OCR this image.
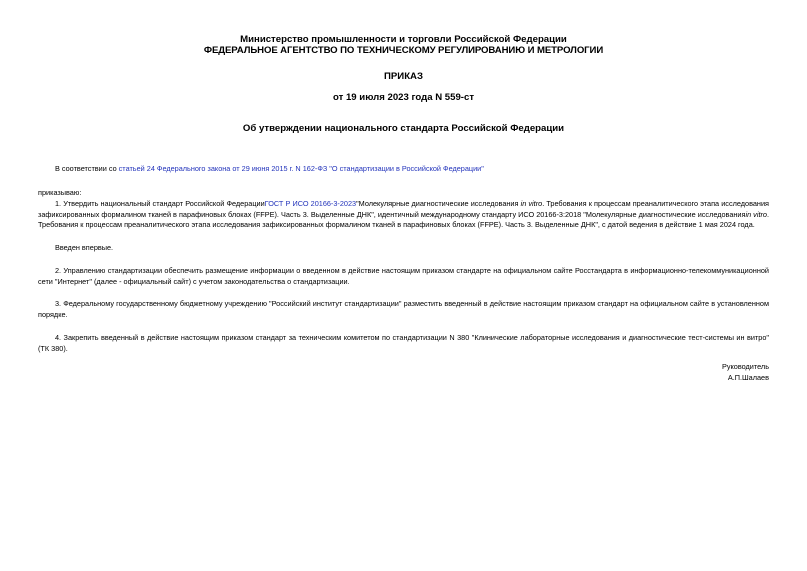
Министерство промышленности и торговли Российской Федерации
ФЕДЕРАЛЬНОЕ АГЕНТСТВО ПО ТЕХНИЧЕСКОМУ РЕГУЛИРОВАНИЮ И МЕТРОЛОГИИ
ПРИКАЗ
от 19 июля 2023 года N 559-ст
Об утверждении национального стандарта Российской Федерации

В соответствии со статьей 24 Федерального закона от 29 июня 2015 г. N 162-ФЗ "О стандартизации в Российской Федерации"

приказываю:

1. Утвердить национальный стандарт Российской ФедерацииГОСТ Р ИСО 20166-3-2023"Молекулярные диагностические исследования in vitro. Требования к процессам преаналитического этапа исследования зафиксированных формалином тканей в парафиновых блоках (FFPE). Часть 3. Выделенные ДНК", идентичный международному стандарту ИСО 20166-3:2018 "Молекулярные диагностические исследованияin vitro. Требования к процессам преаналитического этапа исследования зафиксированных формалином тканей в парафиновых блоках (FFPE). Часть 3. Выделенные ДНК", с датой ведения в действие 1 мая 2024 года.

Введен впервые.

2. Управлению стандартизации обеспечить размещение информации о введенном в действие настоящим приказом стандарте на официальном сайте Росстандарта в информационно-телекоммуникационной сети "Интернет" (далее - официальный сайт) с учетом законодательства о стандартизации.

3. Федеральному государственному бюджетному учреждению "Российский институт стандартизации" разместить введенный в действие настоящим приказом стандарт на официальном сайте в установленном порядке.

4. Закрепить введенный в действие настоящим приказом стандарт за техническим комитетом по стандартизации N 380 "Клинические лабораторные исследования и диагностические тест-системы ин витро" (ТК 380).

Руководитель
А.П.Шалаев
